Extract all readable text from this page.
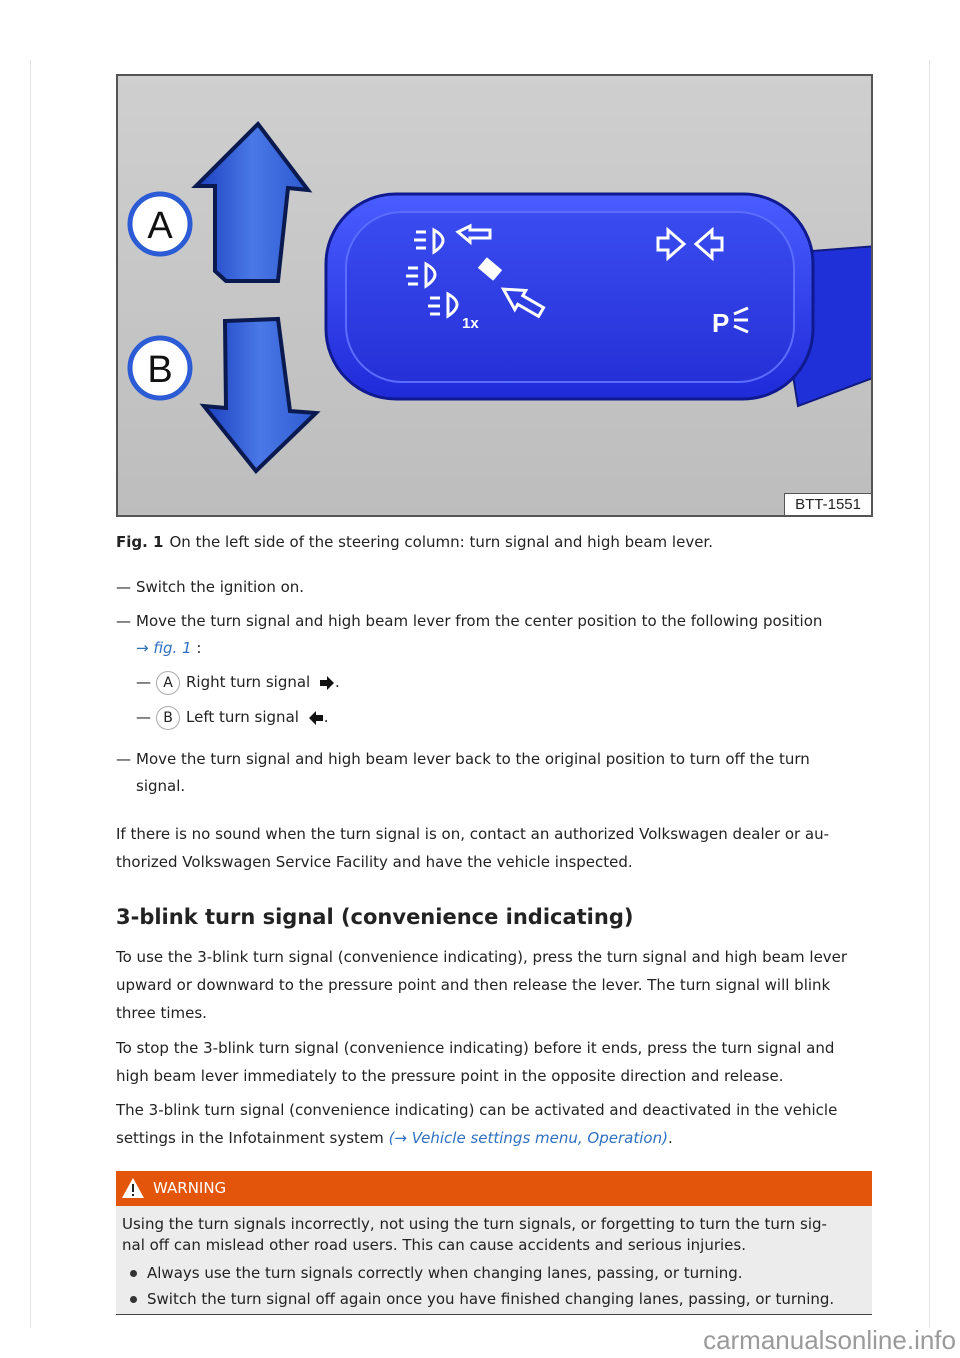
1x	P
A
B
BTT-1551
Fig. 1 On the left side of the steering column: turn signal and high beam lever.
— Switch the ignition on.
— Move the turn signal and high beam lever from the center position to the following position
→ fig. 1 :
— A Right turn signal .
— B Left turn signal .
— Move the turn signal and high beam lever back to the original position to turn off the turn
signal.
If there is no sound when the turn signal is on, contact an authorized Volkswagen dealer or au-
thorized Volkswagen Service Facility and have the vehicle inspected.
3-blink turn signal (convenience indicating)
To use the 3-blink turn signal (convenience indicating), press the turn signal and high beam lever
upward or downward to the pressure point and then release the lever. The turn signal will blink
three times.
To stop the 3-blink turn signal (convenience indicating) before it ends, press the turn signal and
high beam lever immediately to the pressure point in the opposite direction and release.
The 3-blink turn signal (convenience indicating) can be activated and deactivated in the vehicle
settings in the Infotainment system (→ Vehicle settings menu, Operation).
WARNING
Using the turn signals incorrectly, not using the turn signals, or forgetting to turn the turn sig-
nal off can mislead other road users. This can cause accidents and serious injuries.
Always use the turn signals correctly when changing lanes, passing, or turning.
Switch the turn signal off again once you have finished changing lanes, passing, or turning.
carmanualsonline.info
